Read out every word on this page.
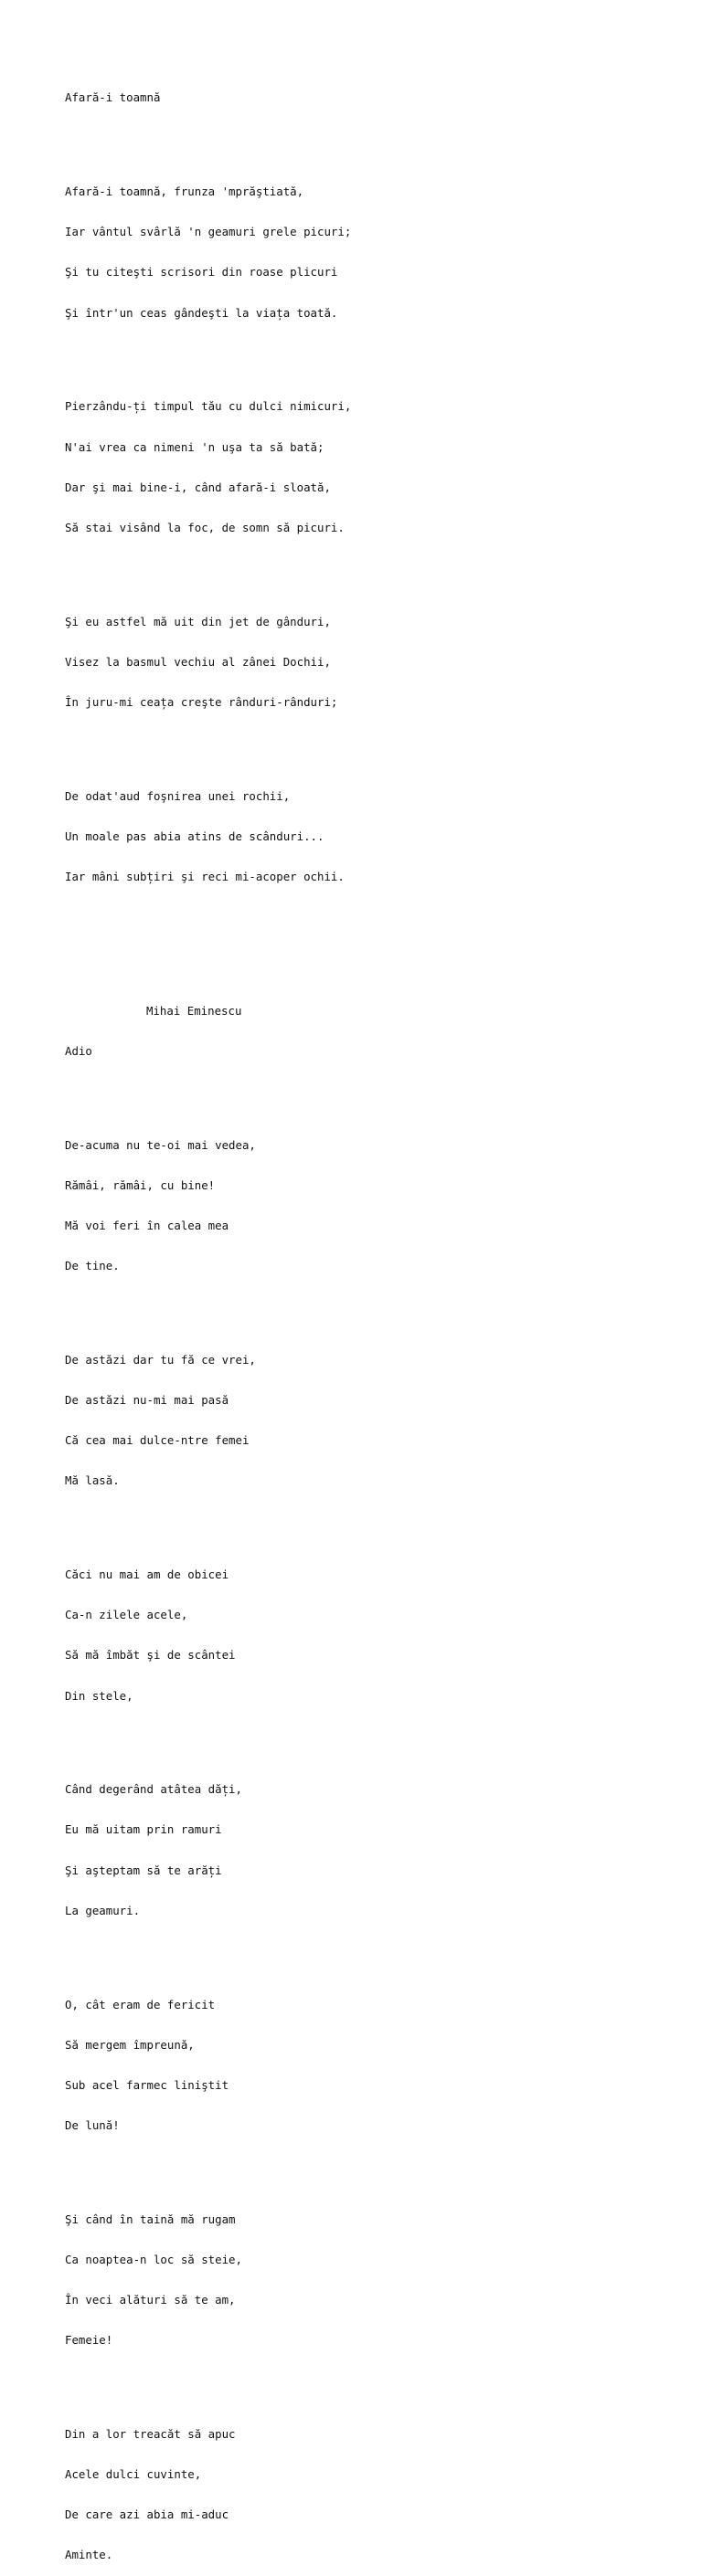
Afară-i toamnă

Afară-i toamnă, frunza 'mprăştiată,

Iar vântul svârlă 'n geamuri grele picuri;

Şi tu citeşti scrisori din roase plicuri

Şi într'un ceas gândeşti la viața toată.

Pierzându-ți timpul tău cu dulci nimicuri,

N'ai vrea ca nimeni 'n uşa ta să bată;

Dar şi mai bine-i, când afară-i sloată,

Să stai visând la foc, de somn să picuri.

Şi eu astfel mă uit din jet de gânduri,

Visez la basmul vechiu al zânei Dochii,

În juru-mi ceața creşte rânduri-rânduri;

De odat'aud foşnirea unei rochii,

Un moale pas abia atins de scânduri...

Iar mâni subțiri şi reci mi-acoper ochii.

Mihai Eminescu

Adio

De-acuma nu te-oi mai vedea,

Rămâi, rămâi, cu bine!

Mă voi feri în calea mea

De tine.

De astăzi dar tu fă ce vrei,

De astăzi nu-mi mai pasă

Că cea mai dulce-ntre femei

Mă lasă.

Căci nu mai am de obicei

Ca-n zilele acele,

Să mă îmbăt şi de scântei

Din stele,

Când degerând atâtea dăți,

Eu mă uitam prin ramuri

Şi aşteptam să te arăți

La geamuri.

O, cât eram de fericit

Să mergem împreună,

Sub acel farmec liniştit

De lună!

Şi când în taină mă rugam

Ca noaptea-n loc să steie,

În veci alături să te am,

Femeie!

Din a lor treacăt să apuc

Acele dulci cuvinte,

De care azi abia mi-aduc

Aminte.
